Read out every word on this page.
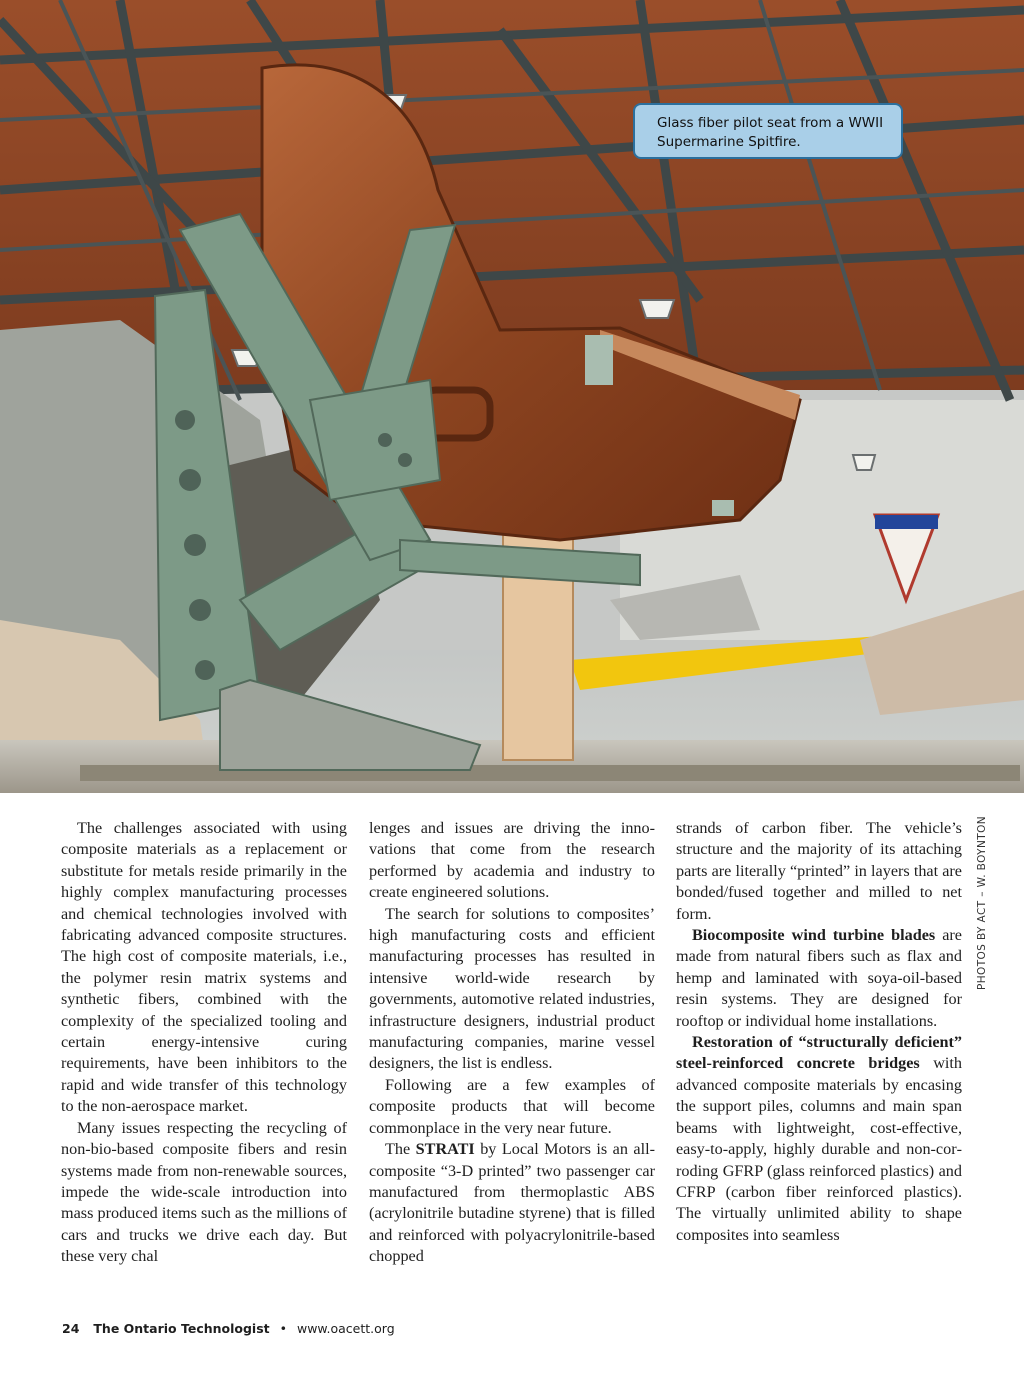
Glass fiber pilot seat from a WWII
Supermarine Spitfire.
PHOTOS BY ACT – W. BOYNTON

The challenges associated with using composite materials as a replacement or substitute for metals reside primarily in the highly complex manufacturing processes and chemical technologies involved with fabricating advanced composite structures. The high cost of composite materials, i.e., the polymer resin matrix systems and synthetic fibers, combined with the complexity of the specialized tooling and certain energy-intensive curing requirements, have been inhibitors to the rapid and wide transfer of this technology to the non-aerospace market.

Many issues respecting the recycling of non-bio-based composite fibers and resin systems made from non-renewable sources, impede the wide-scale introduction into mass produced items such as the millions of cars and trucks we drive each day. But these very chal

lenges and issues are driving the innovations that come from the research performed by academia and industry to create engineered solutions.

The search for solutions to composites’ high manufacturing costs and efficient manufacturing processes has resulted in intensive world-wide research by governments, automotive related industries, infrastructure designers, industrial product manufacturing companies, marine vessel designers, the list is endless.

Following are a few examples of composite products that will become commonplace in the very near future.

The STRATI by Local Motors is an all-composite “3-D printed” two passenger car manufactured from thermoplastic ABS (acrylonitrile butadine styrene) that is filled and reinforced with polyacrylonitrile-based chopped

strands of carbon fiber. The vehicle’s structure and the majority of its attaching parts are literally “printed” in layers that are bonded/fused together and milled to net form.

Biocomposite wind turbine blades are made from natural fibers such as flax and hemp and laminated with soya-oil-based resin systems. They are designed for rooftop or individual home installations.

Restoration of “structurally deficient” steel-reinforced concrete bridges with advanced composite materials by encasing the support piles, columns and main span beams with lightweight, cost-effective, easy-to-apply, highly durable and non-corroding GFRP (glass reinforced plastics) and CFRP (carbon fiber reinforced plastics). The virtually unlimited ability to shape composites into seamless

24 The Ontario Technologist • www.oacett.org
